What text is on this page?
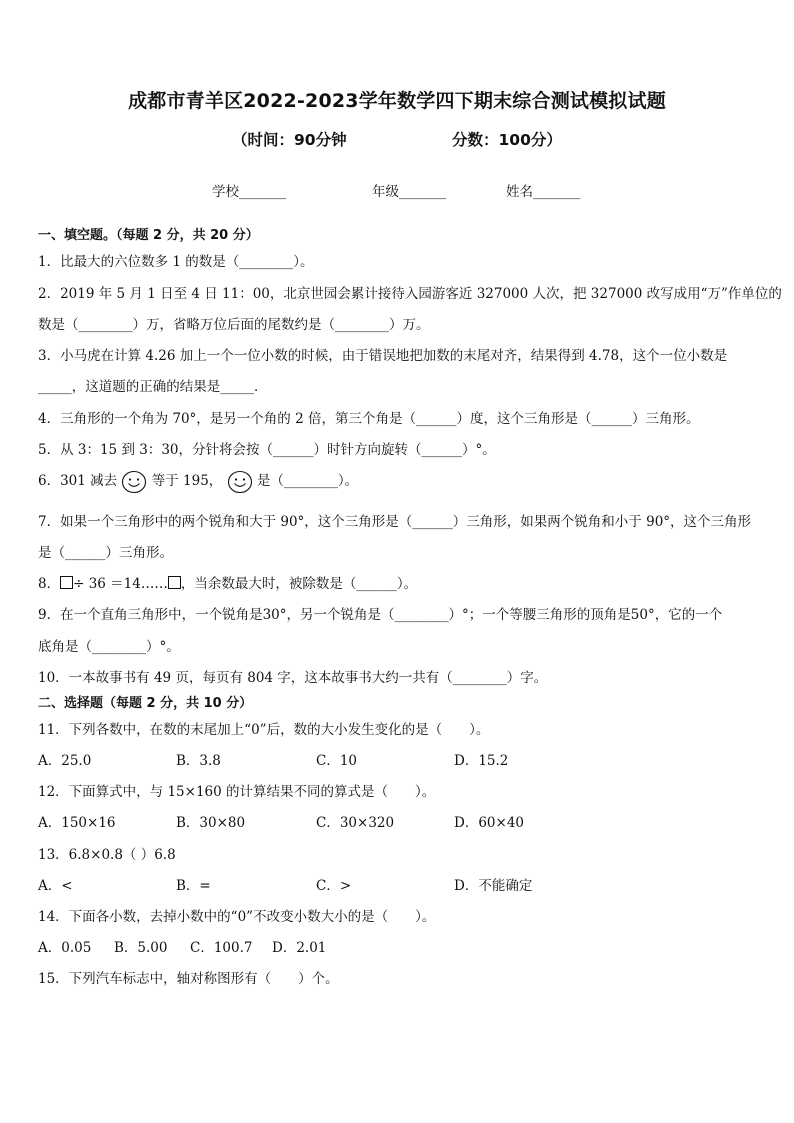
成都市青羊区2022-2023学年数学四下期末综合测试模拟试题
（时间：90分钟	分数：100分）
学校_______	年级_______	姓名_______
一、填空题。（每题 2 分，共 20 分）
1．比最大的六位数多 1 的数是（________）。
2．2019 年 5 月 1 日至 4 日 11：00，北京世园会累计接待入园游客近 327000 人次，把 327000 改写成用“万”作单位的
数是（________）万，省略万位后面的尾数约是（________）万。
3．小马虎在计算 4.26 加上一个一位小数的时候，由于错误地把加数的末尾对齐，结果得到 4.78，这个一位小数是
_____，这道题的正确的结果是_____．
4．三角形的一个角为 70°，是另一个角的 2 倍，第三个角是（______）度，这个三角形是（______）三角形。
5．从 3：15 到 3：30，分针将会按（______）时针方向旋转（______）°。
6．301 减去	等于 195，	是（________）。
7．如果一个三角形中的两个锐角和大于 90°，这个三角形是（______）三角形，如果两个锐角和小于 90°，这个三角形
是（______）三角形。
8． ÷ 36 ＝14…… ，当余数最大时，被除数是（______）。
9．在一个直角三角形中，一个锐角是30°，另一个锐角是（________）°；一个等腰三角形的顶角是50°，它的一个
底角是（________）°。
10．一本故事书有 49 页，每页有 804 字，这本故事书大约一共有（________）字。
二、选择题（每题 2 分，共 10 分）
11．下列各数中，在数的末尾加上“0”后，数的大小发生变化的是（　　）。
A．25.0	B．3.8	C．10	D．15.2
12．下面算式中，与 15×160 的计算结果不同的算式是（　　）。
A．150×16	B．30×80	C．30×320	D．60×40
13．6.8×0.8（ ）6.8
A．<	B．=	C．>	D．不能确定
14．下面各小数，去掉小数中的“0”不改变小数大小的是（　　）。
A．0.05 B．5.00 C．100.7 D．2.01
15．下列汽车标志中，轴对称图形有（　　）个。
